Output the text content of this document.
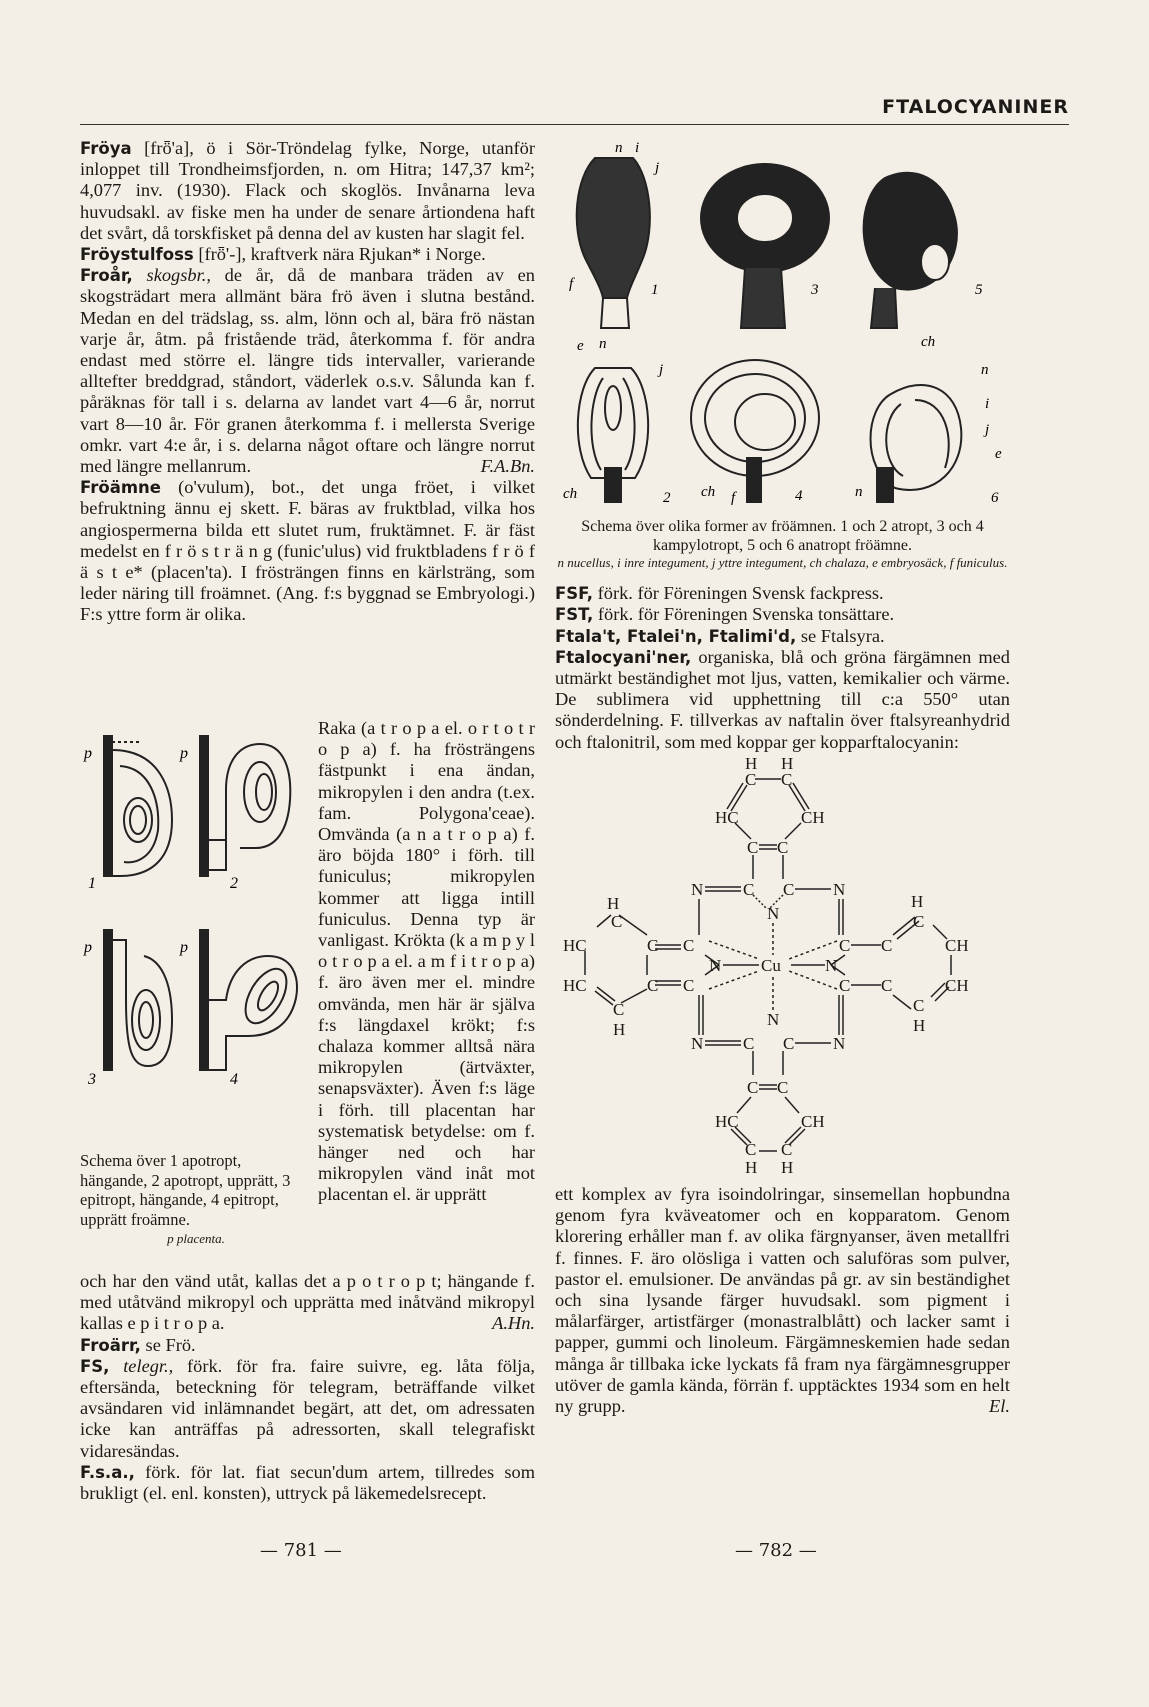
FTALOCYANINER

Fröya [frȫ'a], ö i Sör-Tröndelag fylke, Norge, utanför inloppet till Trondheimsfjorden, n. om Hitra; 147,37 km²; 4,077 inv. (1930). Flack och skoglös. Invånarna leva huvudsakl. av fiske men ha under de senare årtiondena haft det svårt, då torskfisket på denna del av kusten har slagit fel.

Fröystulfoss [frȫ'-], kraftverk nära Rjukan* i Norge.

Froår, skogsbr., de år, då de manbara träden av en skogsträdart mera allmänt bära frö även i slutna bestånd. Medan en del trädslag, ss. alm, lönn och al, bära frö nästan varje år, åtm. på fristående träd, återkomma f. för andra endast med större el. längre tids intervaller, varierande alltefter breddgrad, ståndort, väderlek o.s.v. Sålunda kan f. påräknas för tall i s. delarna av landet vart 4—6 år, norrut vart 8—10 år. För granen återkomma f. i mellersta Sverige omkr. vart 4:e år, i s. delarna något oftare och längre norrut med längre mellanrum.	F.A.Bn.

Fröämne (o'vulum), bot., det unga fröet, i vilket befruktning ännu ej skett. F. bäras av fruktblad, vilka hos angiospermerna bilda ett slutet rum, fruktämnet. F. är fäst medelst en f r ö s t r ä n g (funic'ulus) vid fruktbladens f r ö f ä s t e* (placen'ta). I frösträngen finns en kärlsträng, som leder näring till froämnet. (Ang. f:s byggnad se Embryologi.) F:s yttre form är olika.

p	p
1	2
p	p
3	4
Schema över 1 apotropt, hängande, 2 apotropt, upprätt, 3 epitropt, hängande, 4 epitropt, upprätt froämne.
p placenta.
Raka (a t r o p a el. o r t o t r o p a) f. ha frösträngens fästpunkt i ena ändan, mikropylen i den andra (t.ex. fam. Polygona'ceae). Omvända (a n a t r o p a) f. äro böjda 180° i förh. till funiculus; mikropylen kommer att ligga intill funiculus. Denna typ är vanligast. Krökta (k a m p y l o t r o p a el. a m f i t r o p a) f. äro även mer el. mindre omvända, men här är själva f:s längdaxel krökt; f:s chalaza kommer alltså nära mikropylen (ärtväxter, senapsväxter). Även f:s läge i förh. till placentan har systematisk betydelse: om f. hänger ned och har mikropylen vänd inåt mot placentan el. är upprätt

och har den vänd utåt, kallas det a p o t r o p t; hängande f. med utåtvänd mikropyl och upprätta med inåtvänd mikropyl kallas e p i t r o p a.	A.Hn.

Froärr, se Frö.

FS, telegr., förk. för fra. faire suivre, eg. låta följa, eftersända, beteckning för telegram, beträffande vilket avsändaren vid inlämnandet begärt, att det, om adressaten icke kan anträffas på adressorten, skall telegrafiskt vidaresändas.

F.s.a., förk. för lat. fiat secun'dum artem, tillredes som brukligt (el. enl. konsten), uttryck på läkemedelsrecept.

n i
j
f	1	3	5
e n
j
ch	2 ch f	4
ch
n
i
j
e
n	6

Schema över olika former av fröämnen. 1 och 2 atropt, 3 och 4 kampylotropt, 5 och 6 anatropt fröämne.

n nucellus, i inre integument, j yttre integument, ch chalaza, e embryosäck, f funiculus.

FSF, förk. för Föreningen Svensk fackpress.

FST, förk. för Föreningen Svenska tonsättare.

Ftala't, Ftalei'n, Ftalimi'd, se Ftalsyra.

Ftalocyani'ner, organiska, blå och gröna färgämnen med utmärkt beständighet mot ljus, vatten, kemikalier och värme. De sublimera vid upphettning till c:a 550° utan sönderdelning. F. tillverkas av naftalin över ftalsyreanhydrid och ftalonitril, som med koppar ger kopparftalocyanin:

H H
C C
HC	CH
C C
N C C N
N
H
C
HC	C C
N Cu	N
C C
H
C
CH
HC	C C	C C	CH
C
H
C
H
N
N C C N
C C
HC	CH
C C
H H

ett komplex av fyra isoindolringar, sinsemellan hopbundna genom fyra kväveatomer och en kopparatom. Genom klorering erhåller man f. av olika färgnyanser, även metallfri f. finnes. F. äro olösliga i vatten och saluföras som pulver, pastor el. emulsioner. De användas på gr. av sin beständighet och sina lysande färger huvudsakl. som pigment i målarfärger, artistfärger (monastralblått) och lacker samt i papper, gummi och linoleum. Färgämneskemien hade sedan många år tillbaka icke lyckats få fram nya färgämnesgrupper utöver de gamla kända, förrän f. upptäcktes 1934 som en helt ny grupp.	El.

— 781 —	— 782 —
